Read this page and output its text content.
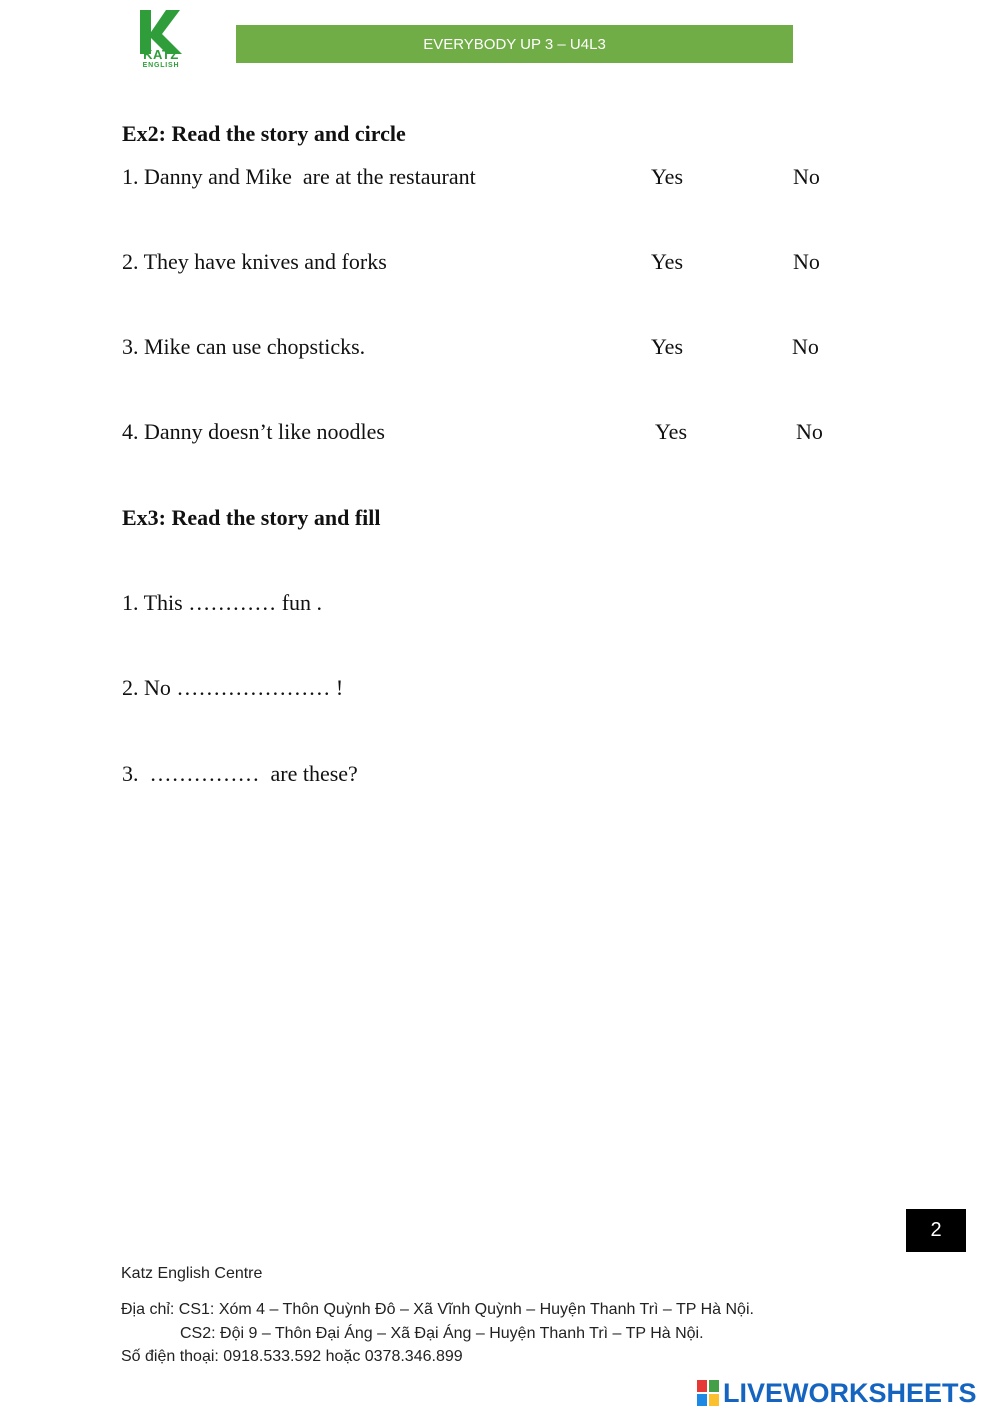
KATZ
ENGLISH
EVERYBODY UP 3 – U4L3
Ex2: Read the story and circle
1. Danny and Mike  are at the restaurant	Yes	No
2. They have knives and forks	Yes	No
3. Mike can use chopsticks.	Yes	No
4. Danny doesn’t like noodles	Yes	No
Ex3: Read the story and fill
1. This ………… fun .
2. No ………………… !
3.  ……………  are these?
2
Katz English Centre
Địa chỉ: CS1: Xóm 4 – Thôn Quỳnh Đô – Xã Vĩnh Quỳnh – Huyện Thanh Trì – TP Hà Nội.
CS2: Đội 9 – Thôn Đại Áng – Xã Đại Áng – Huyện Thanh Trì – TP Hà Nội.
Số điện thoại: 0918.533.592 hoặc 0378.346.899
LIVEWORKSHEETS
